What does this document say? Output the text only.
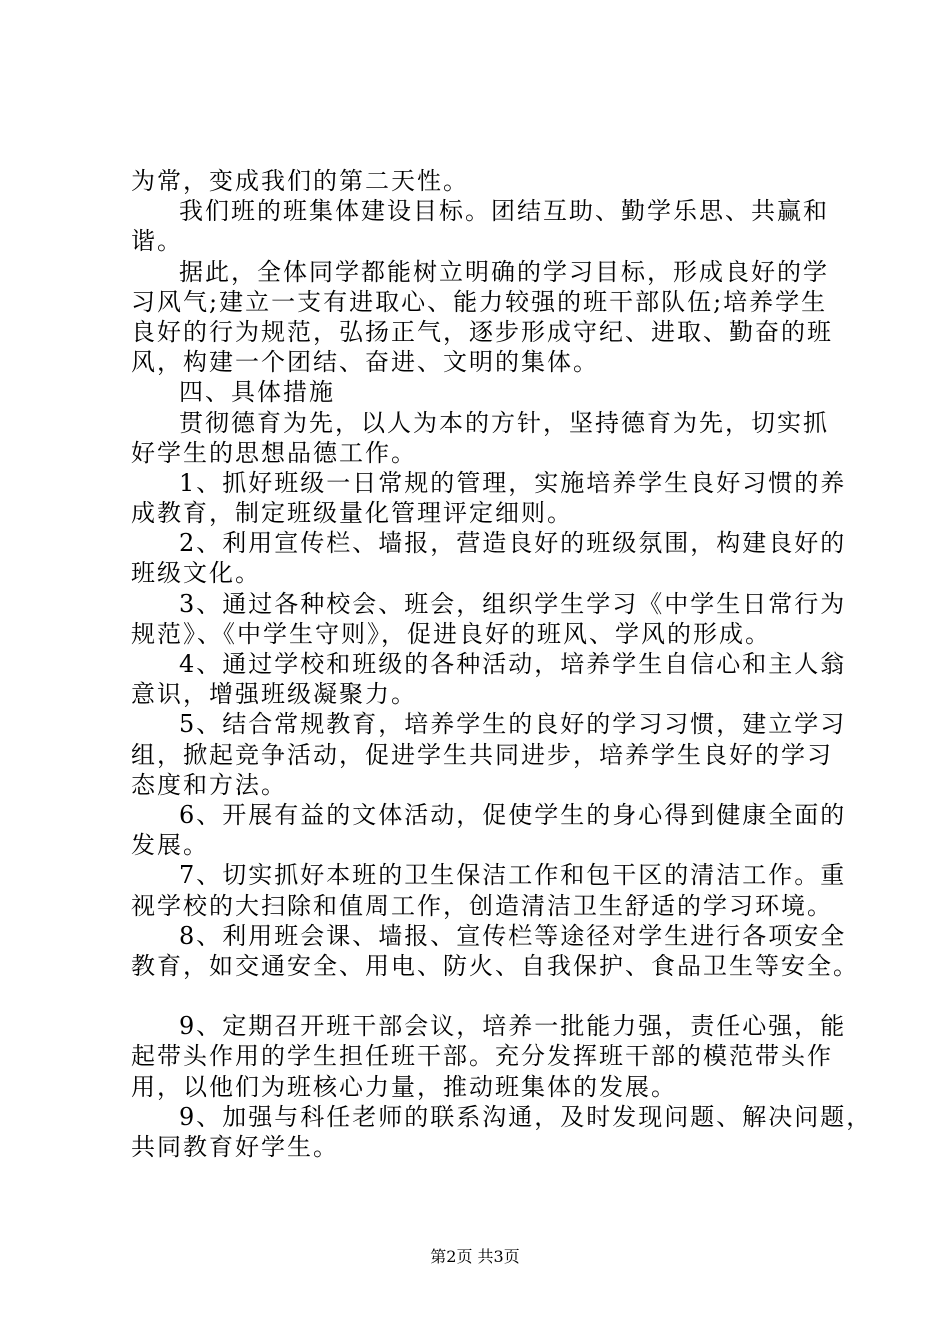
为常，变成我们的第二天性。
我们班的班集体建设目标。团结互助、勤学乐思、共赢和
谐。
据此，全体同学都能树立明确的学习目标，形成良好的学
习风气;建立一支有进取心、能力较强的班干部队伍;培养学生
良好的行为规范，弘扬正气，逐步形成守纪、进取、勤奋的班
风，构建一个团结、奋进、文明的集体。
四、具体措施
贯彻德育为先，以人为本的方针，坚持德育为先，切实抓
好学生的思想品德工作。
1、抓好班级一日常规的管理，实施培养学生良好习惯的养
成教育，制定班级量化管理评定细则。
2、利用宣传栏、墙报，营造良好的班级氛围，构建良好的
班级文化。
3、通过各种校会、班会，组织学生学习《中学生日常行为
规范》、《中学生守则》，促进良好的班风、学风的形成。
4、通过学校和班级的各种活动，培养学生自信心和主人翁
意识，增强班级凝聚力。
5、结合常规教育，培养学生的良好的学习习惯，建立学习
组，掀起竞争活动，促进学生共同进步，培养学生良好的学习
态度和方法。
6、开展有益的文体活动，促使学生的身心得到健康全面的
发展。
7、切实抓好本班的卫生保洁工作和包干区的清洁工作。重
视学校的大扫除和值周工作，创造清洁卫生舒适的学习环境。
8、利用班会课、墙报、宣传栏等途径对学生进行各项安全
教育，如交通安全、用电、防火、自我保护、食品卫生等安全。
9、定期召开班干部会议，培养一批能力强，责任心强，能
起带头作用的学生担任班干部。充分发挥班干部的模范带头作
用，以他们为班核心力量，推动班集体的发展。
9、加强与科任老师的联系沟通，及时发现问题、解决问题，
共同教育好学生。
第2页 共3页
